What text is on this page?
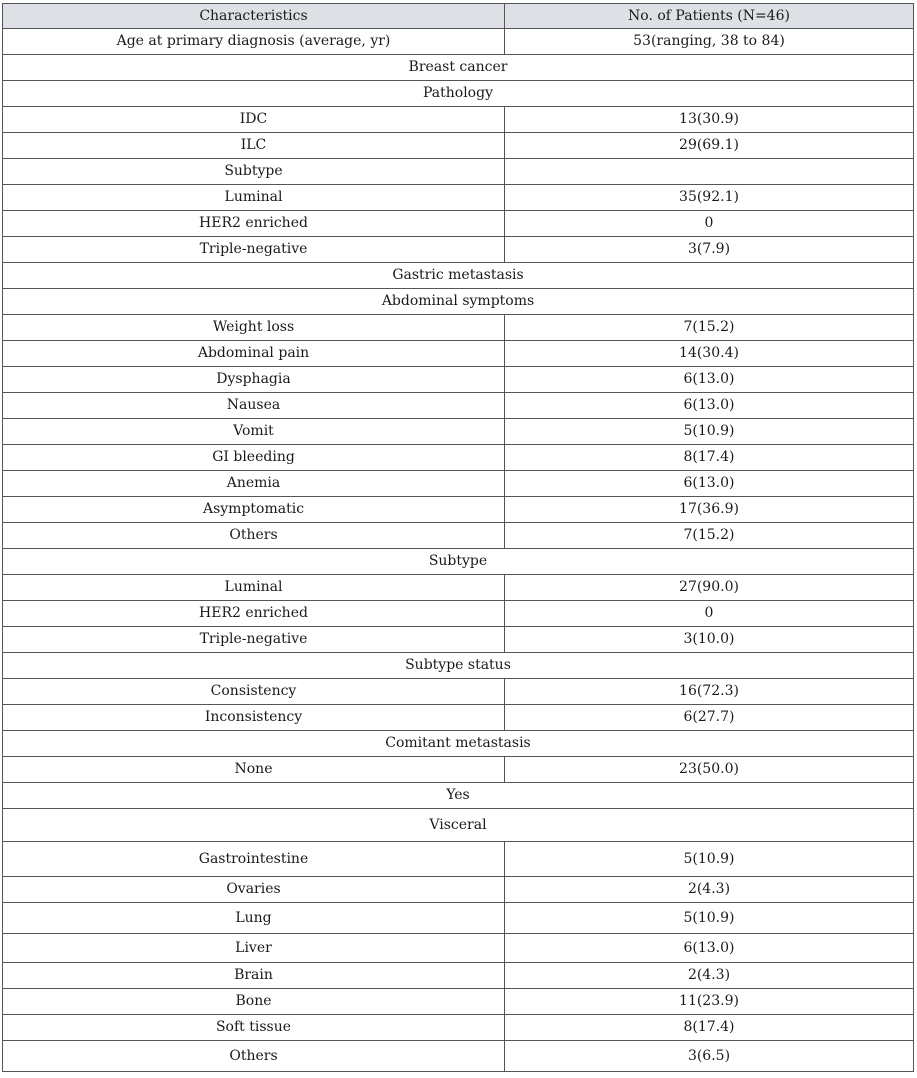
Characteristics	No. of Patients (N=46)
Age at primary diagnosis (average, yr)	53(ranging, 38 to 84)
Breast cancer	
Pathology	
IDC	13(30.9)
ILC	29(69.1)
Subtype	
Luminal	35(92.1)
HER2 enriched	0
Triple-negative	3(7.9)
Gastric metastasis	
Abdominal symptoms	
Weight loss	7(15.2)
Abdominal pain	14(30.4)
Dysphagia	6(13.0)
Nausea	6(13.0)
Vomit	5(10.9)
GI bleeding	8(17.4)
Anemia	6(13.0)
Asymptomatic	17(36.9)
Others	7(15.2)
Subtype	
Luminal	27(90.0)
HER2 enriched	0
Triple-negative	3(10.0)
Subtype status	
Consistency	16(72.3)
Inconsistency	6(27.7)
Comitant metastasis	
None	23(50.0)
Yes	
Visceral	
Gastrointestine	5(10.9)
Ovaries	2(4.3)
Lung	5(10.9)
Liver	6(13.0)
Brain	2(4.3)
Bone	11(23.9)
Soft tissue	8(17.4)
Others	3(6.5)
